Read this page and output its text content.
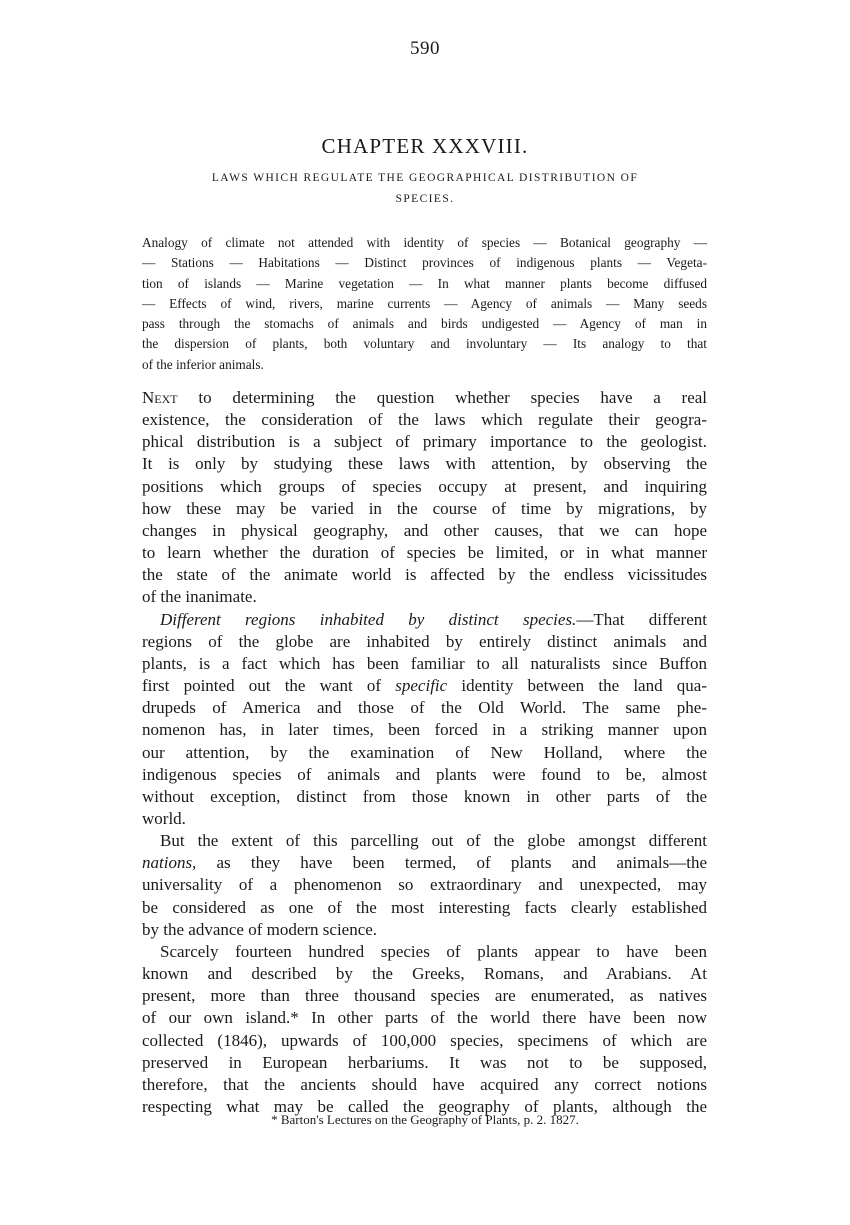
590
CHAPTER XXXVIII.
LAWS WHICH REGULATE THE GEOGRAPHICAL DISTRIBUTION OF
SPECIES.
Analogy of climate not attended with identity of species — Botanical geography —
— Stations — Habitations — Distinct provinces of indigenous plants — Vegeta-
tion of islands — Marine vegetation — In what manner plants become diffused
— Effects of wind, rivers, marine currents — Agency of animals — Many seeds
pass through the stomachs of animals and birds undigested — Agency of man in
the dispersion of plants, both voluntary and involuntary — Its analogy to that
of the inferior animals.
Next to determining the question whether species have a real
existence, the consideration of the laws which regulate their geogra-
phical distribution is a subject of primary importance to the geologist.
It is only by studying these laws with attention, by observing the
positions which groups of species occupy at present, and inquiring
how these may be varied in the course of time by migrations, by
changes in physical geography, and other causes, that we can hope
to learn whether the duration of species be limited, or in what manner
the state of the animate world is affected by the endless vicissitudes
of the inanimate.
Different regions inhabited by distinct species.—That different
regions of the globe are inhabited by entirely distinct animals and
plants, is a fact which has been familiar to all naturalists since Buffon
first pointed out the want of specific identity between the land qua-
drupeds of America and those of the Old World. The same phe-
nomenon has, in later times, been forced in a striking manner upon
our attention, by the examination of New Holland, where the
indigenous species of animals and plants were found to be, almost
without exception, distinct from those known in other parts of the
world.
But the extent of this parcelling out of the globe amongst different
nations, as they have been termed, of plants and animals—the
universality of a phenomenon so extraordinary and unexpected, may
be considered as one of the most interesting facts clearly established
by the advance of modern science.
Scarcely fourteen hundred species of plants appear to have been
known and described by the Greeks, Romans, and Arabians. At
present, more than three thousand species are enumerated, as natives
of our own island.* In other parts of the world there have been now
collected (1846), upwards of 100,000 species, specimens of which are
preserved in European herbariums. It was not to be supposed,
therefore, that the ancients should have acquired any correct notions
respecting what may be called the geography of plants, although the
* Barton's Lectures on the Geography of Plants, p. 2. 1827.
